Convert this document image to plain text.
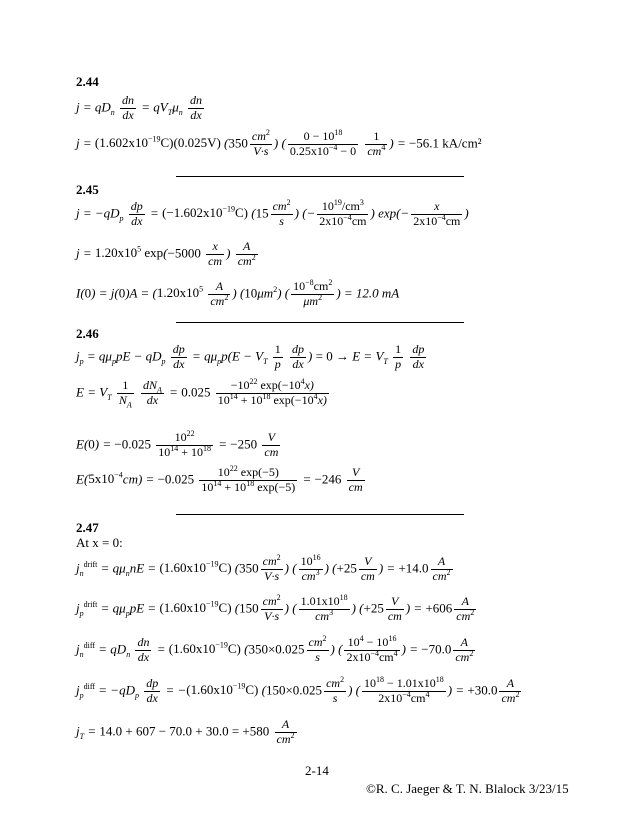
2.44
$j = qD_n \frac{dn}{dx} = qV_T\mu_n \frac{dn}{dx}$
$j = (1.602x10^{-19}C)(0.025V)$ ($350 \frac{cm^2}{V\cdot s}$ ) ( $\frac{0 - 10^{18}}{0.25x10^{-4} - 0}$
$\frac{1}{cm^4}$ ) = −56.1 kA/cm²
2.45
$j = -qD_p \frac{dp}{dx} = (-1.602x10^{-19}C)$ ($15 \frac{cm^2}{s}$ ) (− $\frac{10^{19}/cm^3}{2x10^{-4}cm}$ ) $\exp(- \frac{x}{2x10^{-4}cm}$ )
$j = 1.20x10^5$ $\exp(-5000 \frac{x}{cm}$ ) $\frac{A}{cm^2}$
$I(0) = j(0)A = (1.20x10^5 \frac{A}{cm^2}$ ) $(10\mu m^2)$ ( $\frac{10^{-8}cm^2}{\mu m^2}$ ) = 12.0 mA
2.46
$j_p = q\mu_ppE - qD_p \frac{dp}{dx} = q\mu_pp(E - V_T \frac{1}{p}$
$\frac{dp}{dx}$ ) = $0 \to E = V_T \frac{1}{p}$
$\frac{dp}{dx}$
$E = V_T \frac{1}{N_A}$
$\frac{dN_A}{dx} = 0.025 \frac{-10^{22} \exp(-10^4x)}{10^{14} + 10^{18} \exp(-10^4x)}$
$E(0) = -0.025 \frac{10^{22}}{10^{14} + 10^{18}} = -250 \frac{V}{cm}$
$E(5x10^{-4}cm) = -0.025 \frac{10^{22} \exp(-5)}{10^{14} + 10^{18} \exp(-5)} = -246 \frac{V}{cm}$
2.47
At x = 0:
$j_n^{drift} = q\mu_nnE = (1.60x10^{-19}C)$ ($350 \frac{cm^2}{V\cdot s}$ ) ( $\frac{10^{16}}{cm^3}$ ) ($+25 \frac{V}{cm}$ ) = $+14.0 \frac{A}{cm^2}$
$j_p^{drift} = q\mu_ppE = (1.60x10^{-19}C)$ ($150 \frac{cm^2}{V\cdot s}$ ) ( $\frac{1.01x10^{18}}{cm^3}$ ) ($+25 \frac{V}{cm}$ ) = $+606 \frac{A}{cm^2}$
$j_n^{diff} = qD_n \frac{dn}{dx} = (1.60x10^{-19}C)$ ($350\times 0.025 \frac{cm^2}{s}$ ) ( $\frac{10^4 - 10^{16}}{2x10^{-4}cm^4}$ ) = $-70.0 \frac{A}{cm^2}$
$j_p^{diff} = -qD_p \frac{dp}{dx} = -(1.60x10^{-19}C)$ ($150\times 0.025 \frac{cm^2}{s}$ ) ( $\frac{10^{18} - 1.01x10^{18}}{2x10^{-4}cm^4}$ ) = $+30.0 \frac{A}{cm^2}$
$j_T = 14.0 + 607 - 70.0 + 30.0 = +580 \frac{A}{cm^2}$
2-14
©R. C. Jaeger & T. N. Blalock 3/23/15
